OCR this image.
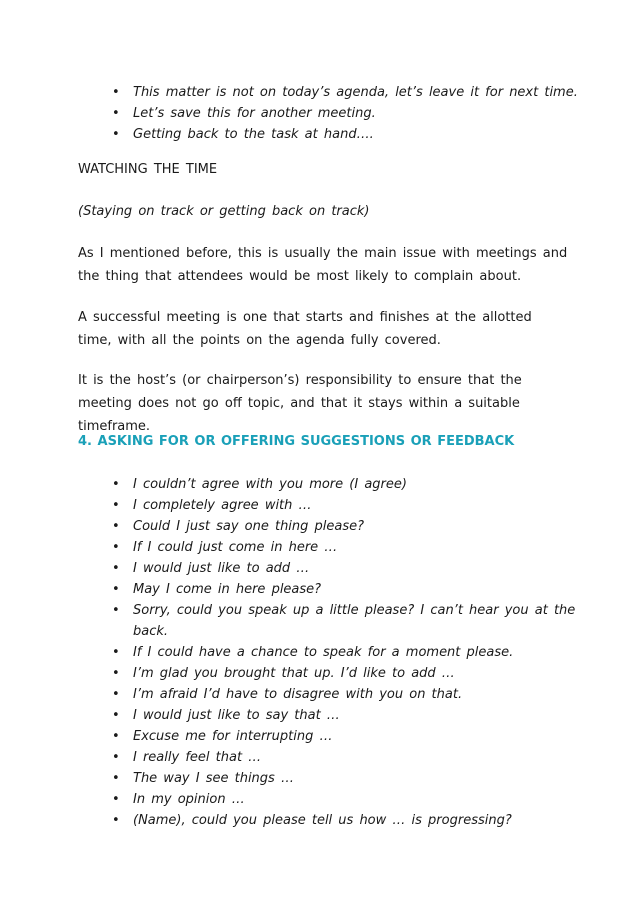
• This matter is not on today’s agenda, let’s leave it for next time.
• Let’s save this for another meeting.
• Getting back to the task at hand….

WATCHING THE TIME

(Staying on track or getting back on track)

As I mentioned before, this is usually the main issue with meetings and the thing that attendees would be most likely to complain about.

A successful meeting is one that starts and finishes at the allotted time, with all the points on the agenda fully covered.

It is the host’s (or chairperson’s) responsibility to ensure that the meeting does not go off topic, and that it stays within a suitable timeframe.

4. ASKING FOR OR OFFERING SUGGESTIONS OR FEEDBACK

• I couldn’t agree with you more (I agree)
• I completely agree with …
• Could I just say one thing please?
• If I could just come in here …
• I would just like to add …
• May I come in here please?
• Sorry, could you speak up a little please? I can’t hear you at the back.
• If I could have a chance to speak for a moment please.
• I’m glad you brought that up. I’d like to add …
• I’m afraid I’d have to disagree with you on that.
• I would just like to say that …
• Excuse me for interrupting …
• I really feel that …
• The way I see things …
• In my opinion …
• (Name), could you please tell us how … is progressing?
